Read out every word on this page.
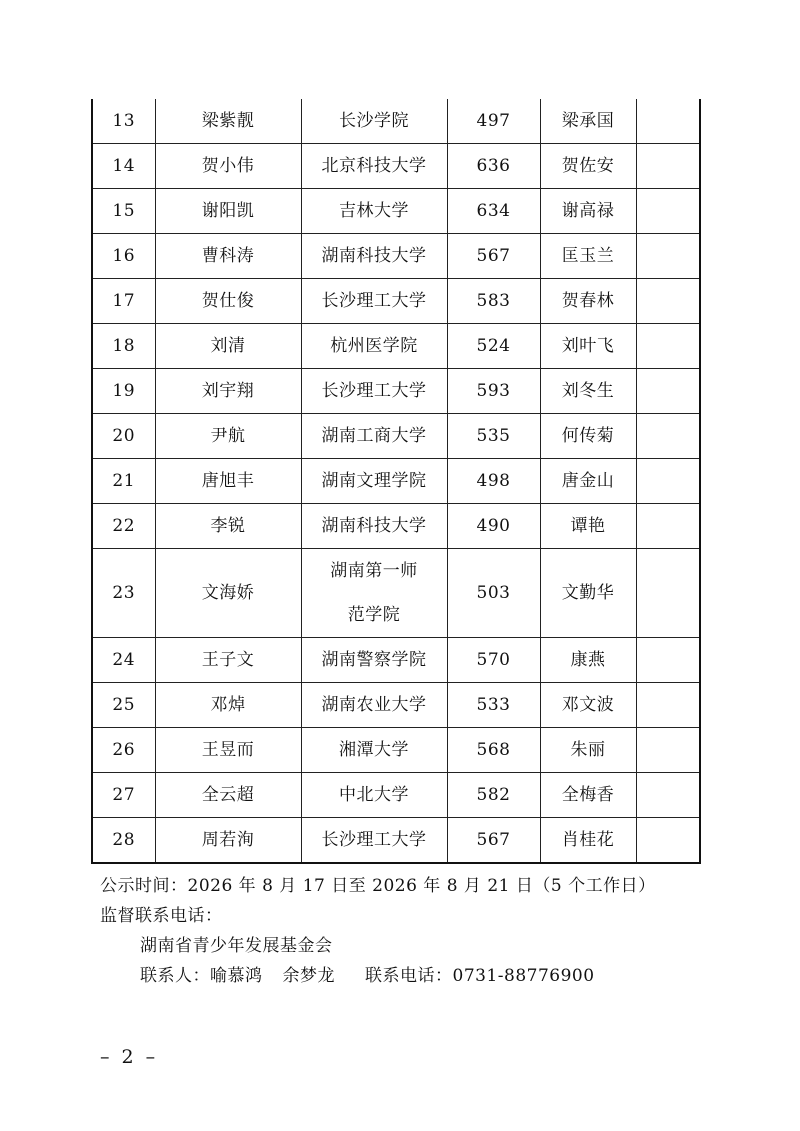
13	梁紫靓	长沙学院	497	梁承国	
14	贺小伟	北京科技大学	636	贺佐安	
15	谢阳凯	吉林大学	634	谢高禄	
16	曹科涛	湖南科技大学	567	匡玉兰	
17	贺仕俊	长沙理工大学	583	贺春林	
18	刘清	杭州医学院	524	刘叶飞	
19	刘宇翔	长沙理工大学	593	刘冬生	
20	尹航	湖南工商大学	535	何传菊	
21	唐旭丰	湖南文理学院	498	唐金山	
22	李锐	湖南科技大学	490	谭艳	
23	文海娇	湖南第一师范学院	503	文勤华	
24	王子文	湖南警察学院	570	康燕	
25	邓焯	湖南农业大学	533	邓文波	
26	王昱而	湘潭大学	568	朱丽	
27	全云超	中北大学	582	全梅香	
28	周若洵	长沙理工大学	567	肖桂花	
公示时间：2026 年 8 月 17 日至 2026 年 8 月 21 日（5 个工作日）
监督联系电话：
湖南省青少年发展基金会
联系人：喻慕鸿 余梦龙 联系电话：0731-88776900
– 2 –
